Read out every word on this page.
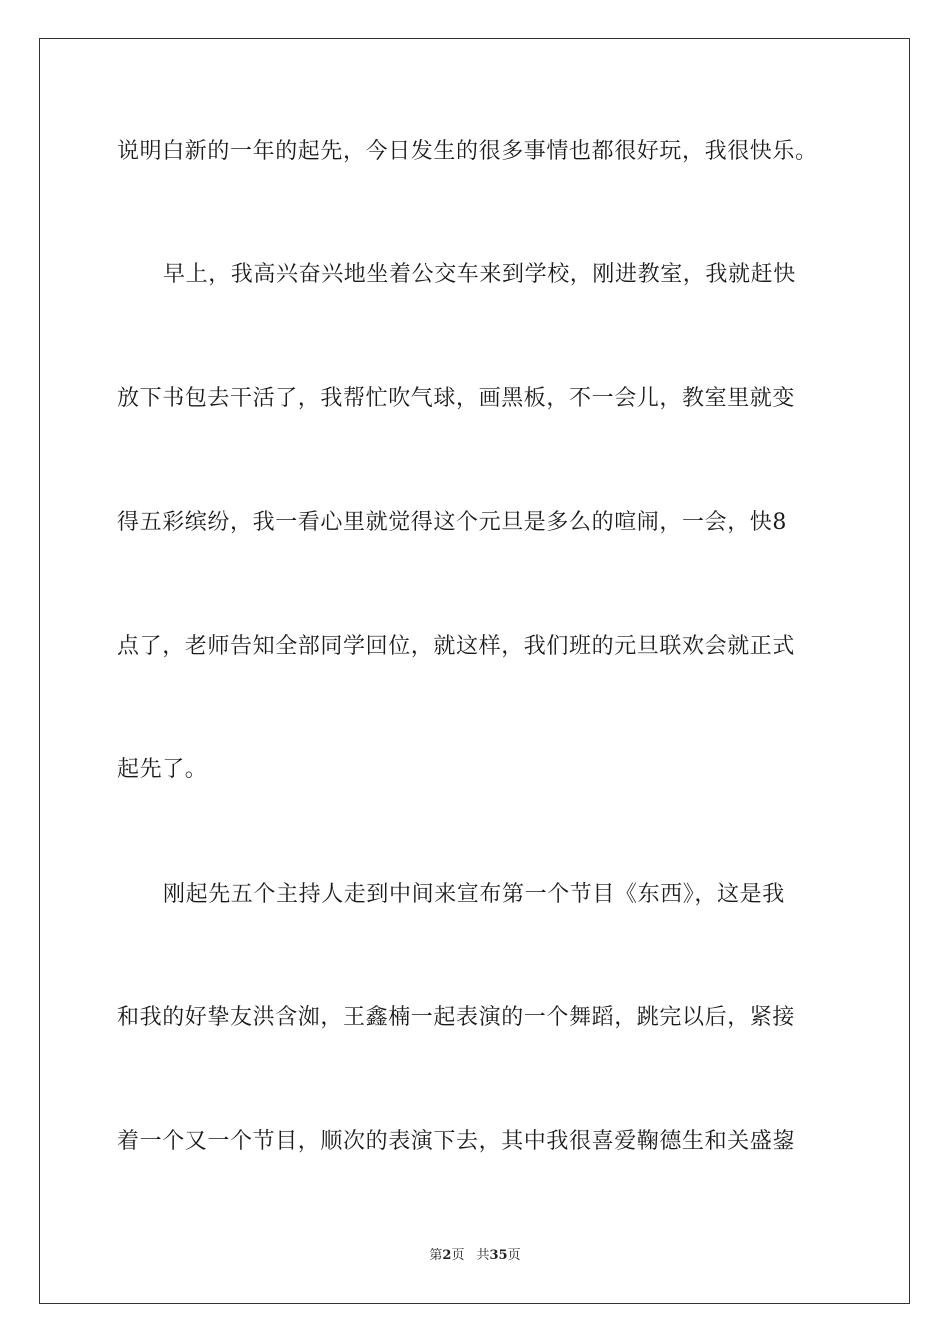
说明白新的一年的起先，今日发生的很多事情也都很好玩，我很快乐。
早上，我高兴奋兴地坐着公交车来到学校，刚进教室，我就赶快
放下书包去干活了，我帮忙吹气球，画黑板，不一会儿，教室里就变
得五彩缤纷，我一看心里就觉得这个元旦是多么的喧闹，一会，快8
点了，老师告知全部同学回位，就这样，我们班的元旦联欢会就正式
起先了。
刚起先五个主持人走到中间来宣布第一个节目《东西》，这是我
和我的好挚友洪含洳，王鑫楠一起表演的一个舞蹈，跳完以后，紧接
着一个又一个节目，顺次的表演下去，其中我很喜爱鞠德生和关盛鋆
第2页 共35页
